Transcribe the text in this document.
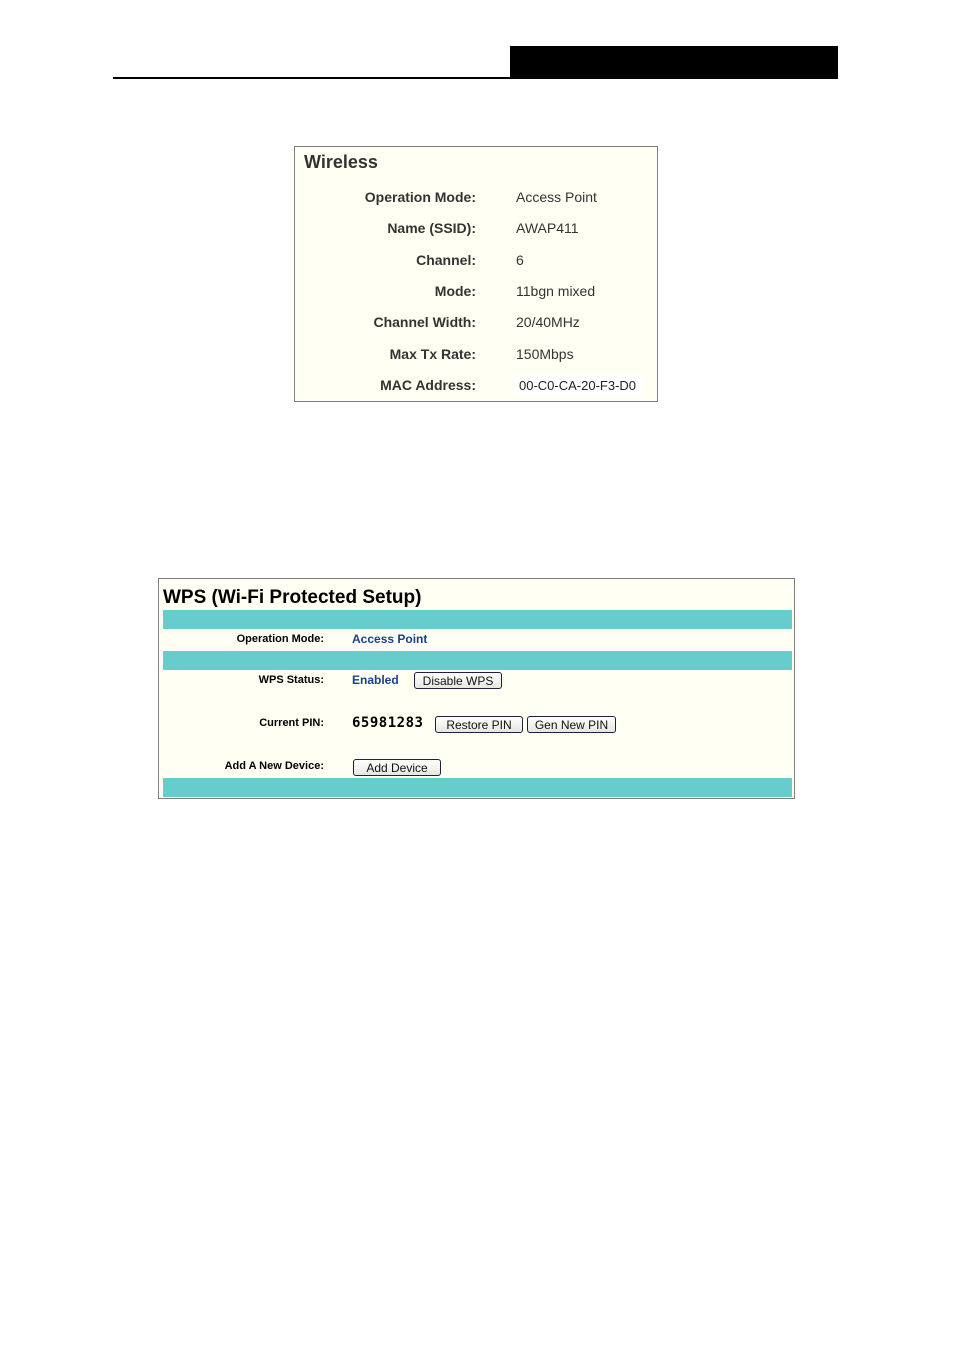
Wireless
Operation Mode:	Access Point
Name (SSID):	AWAP411
Channel:	6
Mode:	11bgn mixed
Channel Width:	20/40MHz
Max Tx Rate:	150Mbps
MAC Address:	00-C0-CA-20-F3-D0
WPS (Wi-Fi Protected Setup)
Operation Mode: Access Point
WPS Status: Enabled	Disable WPS
Current PIN: 65981283	Restore PIN	Gen New PIN
Add A New Device:	Add Device
